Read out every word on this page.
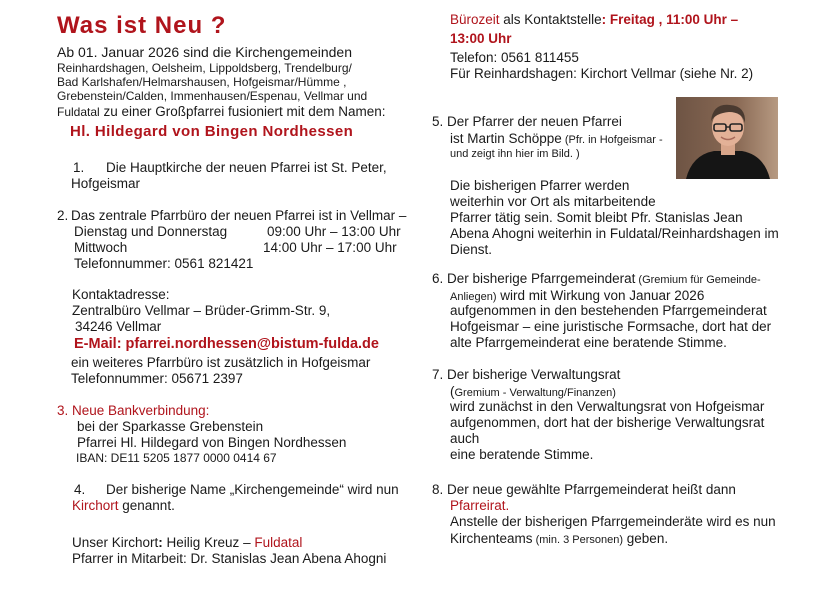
Was ist Neu ?
Ab 01. Januar 2026 sind die Kirchengemeinden
Reinhardshagen, Oelsheim, Lippoldsberg, Trendelburg/
Bad Karlshafen/Helmarshausen, Hofgeismar/Hümme ,
Grebenstein/Calden, Immenhausen/Espenau, Vellmar und
Fuldatal zu einer Großpfarrei fusioniert mit dem Namen:
Hl. Hildegard von Bingen Nordhessen
1. Die Hauptkirche der neuen Pfarrei ist St. Peter,
Hofgeismar
2. Das zentrale Pfarrbüro der neuen Pfarrei ist in Vellmar –
Dienstag und Donnerstag	09:00 Uhr – 13:00 Uhr
Mittwoch	14:00 Uhr – 17:00 Uhr
Telefonnummer: 0561 821421
Kontaktadresse:
Zentralbüro Vellmar – Brüder-Grimm-Str. 9,
34246 Vellmar
E-Mail: pfarrei.nordhessen@bistum-fulda.de
ein weiteres Pfarrbüro ist zusätzlich in Hofgeismar
Telefonnummer: 05671 2397
3. Neue Bankverbindung:
bei der Sparkasse Grebenstein
Pfarrei Hl. Hildegard von Bingen Nordhessen
IBAN: DE11 5205 1877 0000 0414 67
4. Der bisherige Name „Kirchengemeinde“ wird nun
Kirchort genannt.
Unser Kirchort: Heilig Kreuz – Fuldatal
Pfarrer in Mitarbeit: Dr. Stanislas Jean Abena Ahogni
Bürozeit als Kontaktstelle: Freitag , 11:00 Uhr –
13:00 Uhr
Telefon: 0561 811455
Für Reinhardshagen: Kirchort Vellmar (siehe Nr. 2)
5. Der Pfarrer der neuen Pfarrei
ist Martin Schöppe (Pfr. in Hofgeismar -
und zeigt ihn hier im Bild. )
Die bisherigen Pfarrer werden
weiterhin vor Ort als mitarbeitende
Pfarrer tätig sein. Somit bleibt Pfr. Stanislas Jean
Abena Ahogni weiterhin in Fuldatal/Reinhardshagen im
Dienst.
6. Der bisherige Pfarrgemeinderat (Gremium für Gemeinde-
Anliegen) wird mit Wirkung von Januar 2026
aufgenommen in den bestehenden Pfarrgemeinderat
Hofgeismar – eine juristische Formsache, dort hat der
alte Pfarrgemeinderat eine beratende Stimme.
7. Der bisherige Verwaltungsrat
(Gremium - Verwaltung/Finanzen)
wird zunächst in den Verwaltungsrat von Hofgeismar
aufgenommen, dort hat der bisherige Verwaltungsrat
auch
eine beratende Stimme.
8. Der neue gewählte Pfarrgemeinderat heißt dann
Pfarreirat.
Anstelle der bisherigen Pfarrgemeinderäte wird es nun
Kirchenteams (min. 3 Personen) geben.
